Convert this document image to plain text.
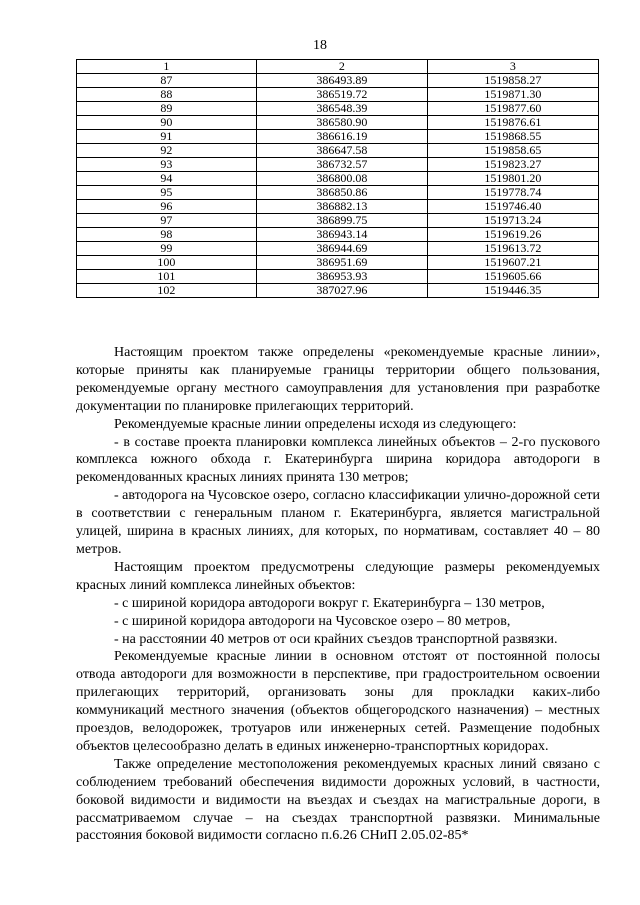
18
1	2	3
87	386493.89	1519858.27
88	386519.72	1519871.30
89	386548.39	1519877.60
90	386580.90	1519876.61
91	386616.19	1519868.55
92	386647.58	1519858.65
93	386732.57	1519823.27
94	386800.08	1519801.20
95	386850.86	1519778.74
96	386882.13	1519746.40
97	386899.75	1519713.24
98	386943.14	1519619.26
99	386944.69	1519613.72
100	386951.69	1519607.21
101	386953.93	1519605.66
102	387027.96	1519446.35

Настоящим проектом также определены «рекомендуемые красные линии», которые приняты как планируемые границы территории общего пользования, рекомендуемые органу местного самоуправления для установления при разработке документации по планировке прилегающих территорий.

Рекомендуемые красные линии определены исходя из следующего:

- в составе проекта планировки комплекса линейных объектов – 2-го пускового комплекса южного обхода г. Екатеринбурга ширина коридора автодороги в рекомендованных красных линиях принята 130 метров;

- автодорога на Чусовское озеро, согласно классификации улично-дорожной сети в соответствии с генеральным планом г. Екатеринбурга, является магистральной улицей, ширина в красных линиях, для которых, по нормативам, составляет 40 – 80 метров.

Настоящим проектом предусмотрены следующие размеры рекомендуемых красных линий комплекса линейных объектов:

- с шириной коридора автодороги вокруг г. Екатеринбурга – 130 метров,

- с шириной коридора автодороги на Чусовское озеро – 80 метров,

- на расстоянии 40 метров от оси крайних съездов транспортной развязки.

Рекомендуемые красные линии в основном отстоят от постоянной полосы отвода автодороги для возможности в перспективе, при градостроительном освоении прилегающих территорий, организовать зоны для прокладки каких-либо коммуникаций местного значения (объектов общегородского назначения) – местных проездов, велодорожек, тротуаров или инженерных сетей. Размещение подобных объектов целесообразно делать в единых инженерно-транспортных коридорах.

Также определение местоположения рекомендуемых красных линий связано с соблюдением требований обеспечения видимости дорожных условий, в частности, боковой видимости и видимости на въездах и съездах на магистральные дороги, в рассматриваемом случае – на съездах транспортной развязки. Минимальные расстояния боковой видимости согласно п.6.26 СНиП 2.05.02-85*
